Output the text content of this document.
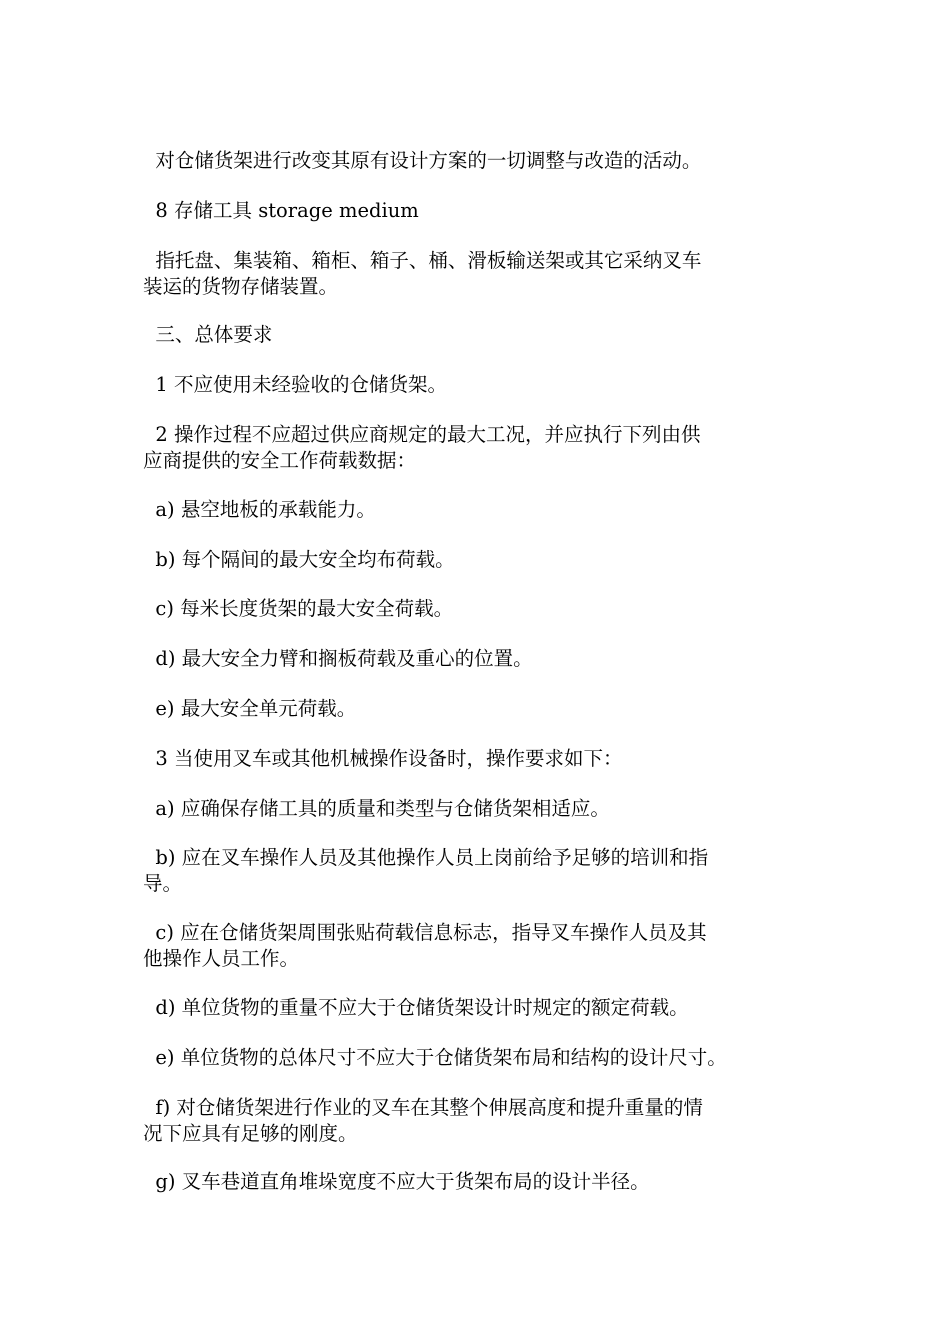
对仓储货架进行改变其原有设计方案的一切调整与改造的活动。

8 存储工具 storage medium

指托盘、集装箱、箱柜、箱子、桶、滑板输送架或其它采纳叉车
装运的货物存储装置。

三、总体要求

1 不应使用未经验收的仓储货架。

2 操作过程不应超过供应商规定的最大工况，并应执行下列由供
应商提供的安全工作荷载数据：

a) 悬空地板的承载能力。

b) 每个隔间的最大安全均布荷载。

c) 每米长度货架的最大安全荷载。

d) 最大安全力臂和搁板荷载及重心的位置。

e) 最大安全单元荷载。

3 当使用叉车或其他机械操作设备时，操作要求如下：

a) 应确保存储工具的质量和类型与仓储货架相适应。

b) 应在叉车操作人员及其他操作人员上岗前给予足够的培训和指
导。

c) 应在仓储货架周围张贴荷载信息标志，指导叉车操作人员及其
他操作人员工作。

d) 单位货物的重量不应大于仓储货架设计时规定的额定荷载。

e) 单位货物的总体尺寸不应大于仓储货架布局和结构的设计尺寸。

f) 对仓储货架进行作业的叉车在其整个伸展高度和提升重量的情
况下应具有足够的刚度。

g) 叉车巷道直角堆垛宽度不应大于货架布局的设计半径。
